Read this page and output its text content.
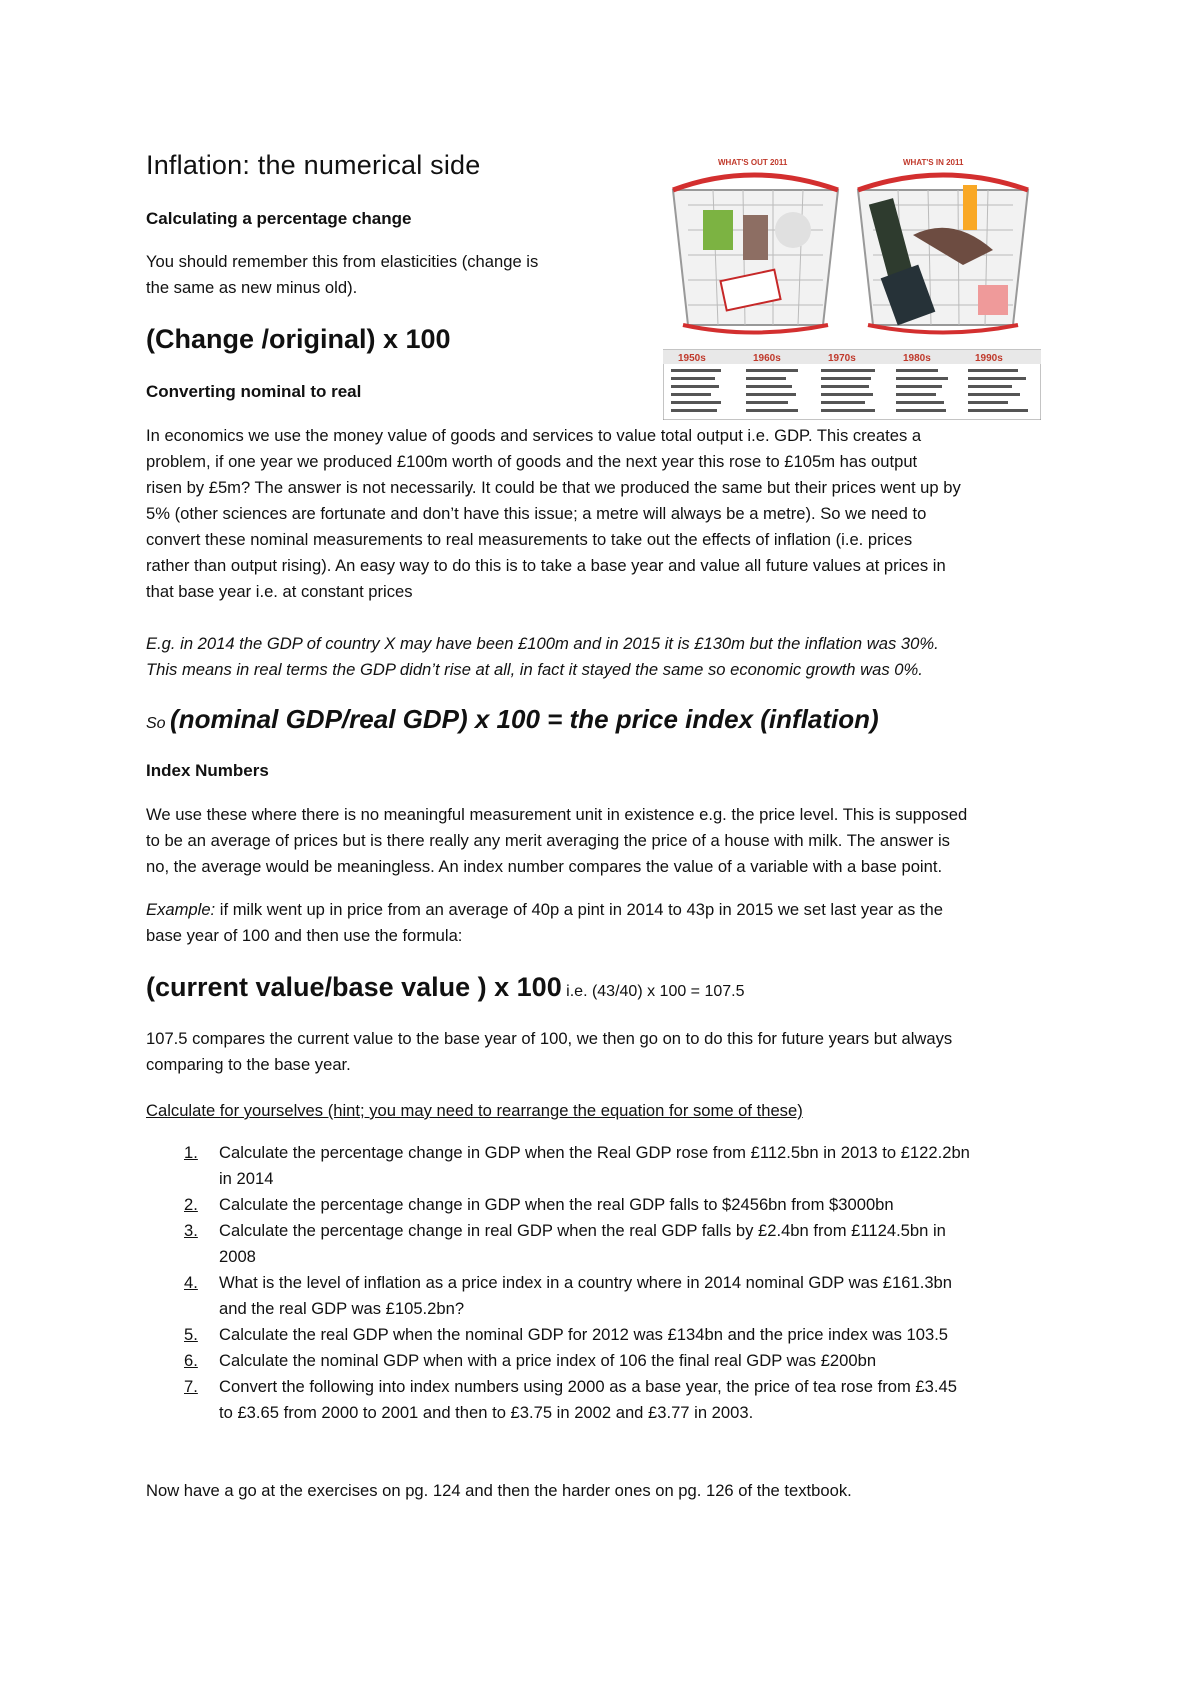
Inflation: the numerical side
Calculating a percentage change
You should remember this from elasticities (change is
the same as new minus old).
(Change /original) x 100
Converting nominal to real
In economics we use the money value of goods and services to value total output i.e. GDP. This creates a
problem, if one year we produced £100m worth of goods and the next year this rose to £105m has output
risen by £5m? The answer is not necessarily. It could be that we produced the same but their prices went up by
5% (other sciences are fortunate and don’t have this issue; a metre will always be a metre). So we need to
convert these nominal measurements to real measurements to take out the effects of inflation (i.e. prices
rather than output rising). An easy way to do this is to take a base year and value all future values at prices in
that base year i.e. at constant prices
E.g. in 2014 the GDP of country X may have been £100m and in 2015 it is £130m but the inflation was 30%.
This means in real terms the GDP didn’t rise at all, in fact it stayed the same so economic growth was 0%.
So (nominal GDP/real GDP) x 100 = the price index (inflation)
Index Numbers
We use these where there is no meaningful measurement unit in existence e.g. the price level. This is supposed
to be an average of prices but is there really any merit averaging the price of a house with milk. The answer is
no, the average would be meaningless. An index number compares the value of a variable with a base point.
Example: if milk went up in price from an average of 40p a pint in 2014 to 43p in 2015 we set last year as the
base year of 100 and then use the formula:
(current value/base value ) x 100 i.e. (43/40) x 100 = 107.5
107.5 compares the current value to the base year of 100, we then go on to do this for future years but always
comparing to the base year.
Calculate for yourselves (hint; you may need to rearrange the equation for some of these)
1.	Calculate the percentage change in GDP when the Real GDP rose from £112.5bn in 2013 to £122.2bn
in 2014
2.	Calculate the percentage change in GDP when the real GDP falls to $2456bn from $3000bn
3.	Calculate the percentage change in real GDP when the real GDP falls by £2.4bn from £1124.5bn in
2008
4.	What is the level of inflation as a price index in a country where in 2014 nominal GDP was £161.3bn
and the real GDP was £105.2bn?
5.	Calculate the real GDP when the nominal GDP for 2012 was £134bn and the price index was 103.5
6.	Calculate the nominal GDP when with a price index of 106 the final real GDP was £200bn
7.	Convert the following into index numbers using 2000 as a base year, the price of tea rose from £3.45
to £3.65 from 2000 to 2001 and then to £3.75 in 2002 and £3.77 in 2003.
Now have a go at the exercises on pg. 124 and then the harder ones on pg. 126 of the textbook.
WHAT'S OUT 2011	WHAT'S IN 2011
1950s	1960s	1970s	1980s	1990s
